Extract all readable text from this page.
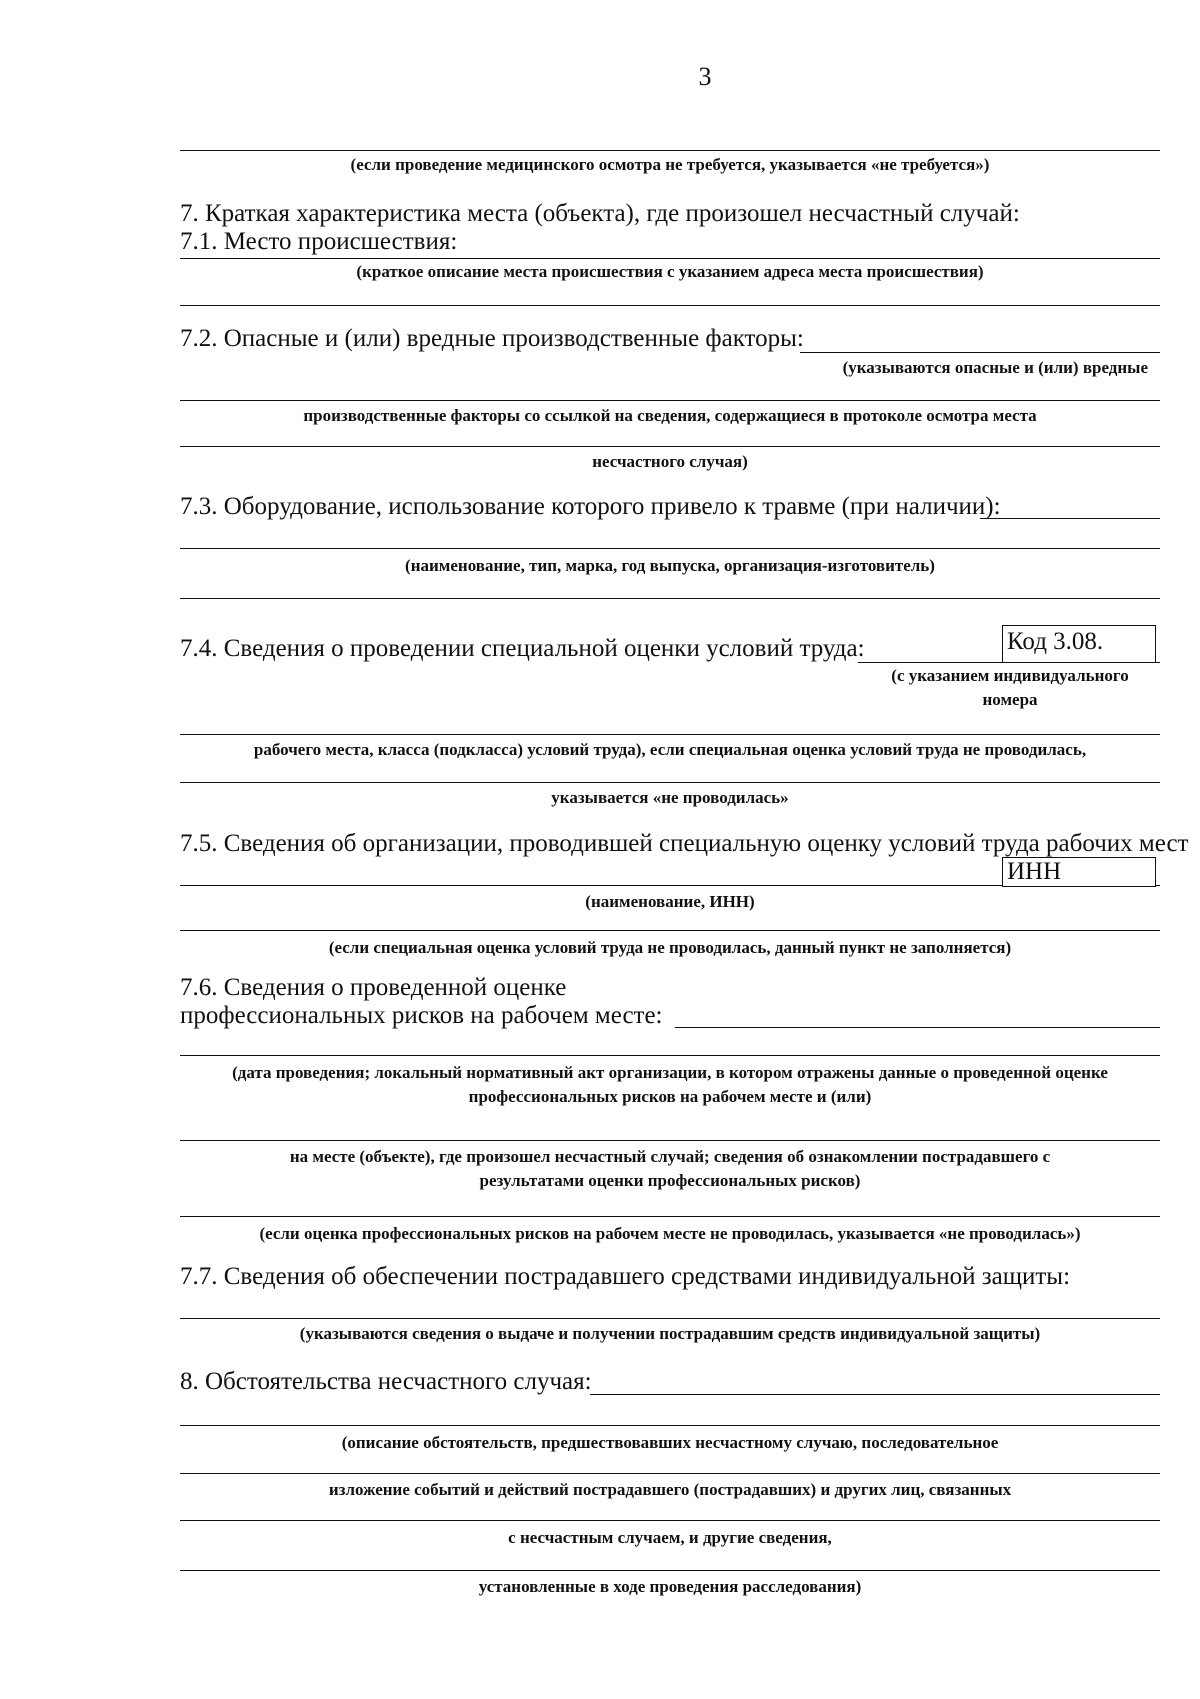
3
(если проведение медицинского осмотра не требуется, указывается «не требуется»)
7. Краткая характеристика места (объекта), где произошел несчастный случай:
7.1. Место происшествия:
(краткое описание места происшествия с указанием адреса места происшествия)
7.2. Опасные и (или) вредные производственные факторы:
(указываются опасные и (или) вредные
производственные факторы со ссылкой на сведения, содержащиеся в протоколе осмотра места
несчастного случая)
7.3. Оборудование, использование которого привело к травме (при наличии):
(наименование, тип, марка, год выпуска, организация-изготовитель)
7.4. Сведения о проведении специальной оценки условий труда:	Код 3.08.
(с указанием индивидуального
номера
рабочего места, класса (подкласса) условий труда), если специальная оценка условий труда не проводилась,
указывается «не проводилась»
7.5. Сведения об организации, проводившей специальную оценку условий труда рабочих мест
ИНН
(наименование, ИНН)
(если специальная оценка условий труда не проводилась, данный пункт не заполняется)
7.6. Сведения о проведенной оценке
профессиональных рисков на рабочем месте:
(дата проведения; локальный нормативный акт организации, в котором отражены данные о проведенной оценке
профессиональных рисков на рабочем месте и (или)
на месте (объекте), где произошел несчастный случай; сведения об ознакомлении пострадавшего с
результатами оценки профессиональных рисков)
(если оценка профессиональных рисков на рабочем месте не проводилась, указывается «не проводилась»)
7.7. Сведения об обеспечении пострадавшего средствами индивидуальной защиты:
(указываются сведения о выдаче и получении пострадавшим средств индивидуальной защиты)
8. Обстоятельства несчастного случая:
(описание обстоятельств, предшествовавших несчастному случаю, последовательное
изложение событий и действий пострадавшего (пострадавших) и других лиц, связанных
с несчастным случаем, и другие сведения,
установленные в ходе проведения расследования)
